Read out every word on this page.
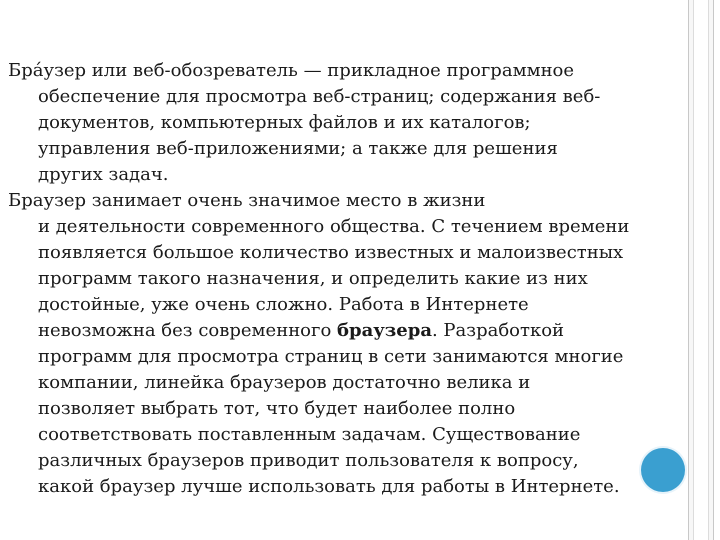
Бра́узер или веб-обозреватель — прикладное программное
обеспечение для просмотра веб-страниц; содержания веб-
документов, компьютерных файлов и их каталогов;
управления веб-приложениями; а также для решения
других задач.

Браузер занимает очень значимое место в жизни
и деятельности современного общества. С течением времени
появляется большое количество известных и малоизвестных
программ такого назначения, и определить какие из них
достойные, уже очень сложно. Работа в Интернете
невозможна без современного браузера. Разработкой
программ для просмотра страниц в сети занимаются многие
компании, линейка браузеров достаточно велика и
позволяет выбрать тот, что будет наиболее полно
соответствовать поставленным задачам. Существование
различных браузеров приводит пользователя к вопросу,
какой браузер лучше использовать для работы в Интернете.
